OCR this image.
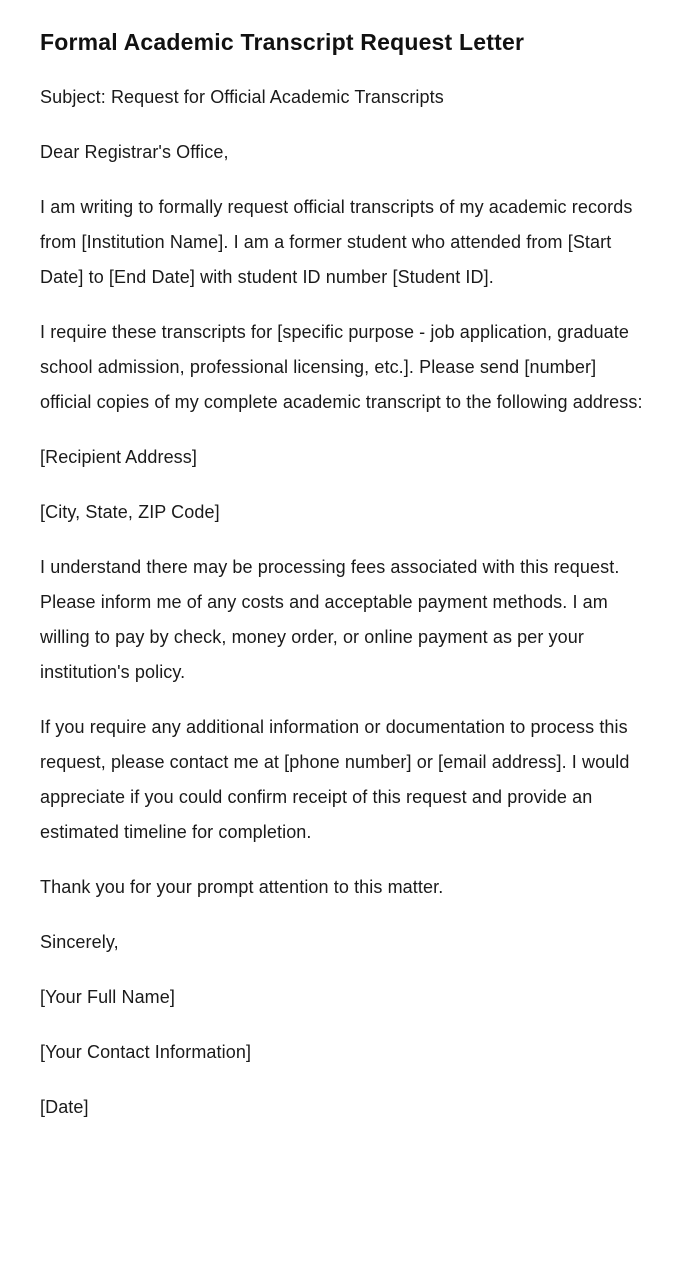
Formal Academic Transcript Request Letter

Subject: Request for Official Academic Transcripts

Dear Registrar's Office,

I am writing to formally request official transcripts of my academic records from [Institution Name]. I am a former student who attended from [Start Date] to [End Date] with student ID number [Student ID].

I require these transcripts for [specific purpose - job application, graduate school admission, professional licensing, etc.]. Please send [number] official copies of my complete academic transcript to the following address:

[Recipient Address]

[City, State, ZIP Code]

I understand there may be processing fees associated with this request. Please inform me of any costs and acceptable payment methods. I am willing to pay by check, money order, or online payment as per your institution's policy.

If you require any additional information or documentation to process this request, please contact me at [phone number] or [email address]. I would appreciate if you could confirm receipt of this request and provide an estimated timeline for completion.

Thank you for your prompt attention to this matter.

Sincerely,

[Your Full Name]

[Your Contact Information]

[Date]
